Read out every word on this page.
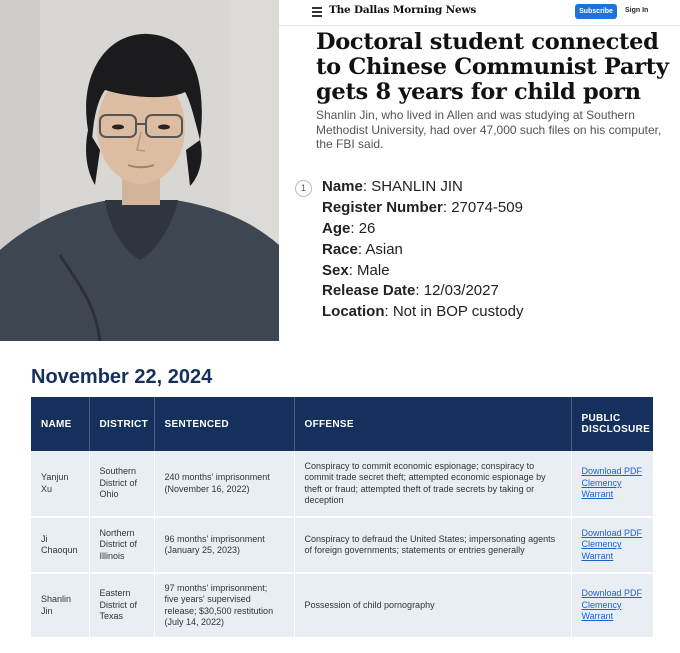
The Dallas Morning News	Subscribe	Sign In
Doctoral student connected to Chinese Communist Party gets 8 years for child porn

Shanlin Jin, who lived in Allen and was studying at Southern Methodist University, had over 47,000 such files on his computer, the FBI said.

1	Name: SHANLIN JIN
Register Number: 27074-509
Age: 26
Race: Asian
Sex: Male
Release Date: 12/03/2027
Location: Not in BOP custody
November 22, 2024
NAME	DISTRICT	SENTENCED	OFFENSE	PUBLIC DISCLOSURE
Yanjun Xu	Southern District of Ohio	240 months' imprisonment (November 16, 2022)	Conspiracy to commit economic espionage; conspiracy to commit trade secret theft; attempted economic espionage by theft or fraud; attempted theft of trade secrets by taking or deception	Download PDF
Clemency Warrant

Ji Chaoqun	Northern District of Illinois	96 months' imprisonment (January 25, 2023)	Conspiracy to defraud the United States; impersonating agents of foreign governments; statements or entries generally	Download PDF
Clemency Warrant

Shanlin Jin	Eastern District of Texas	97 months' imprisonment; five years' supervised release; $30,500 restitution (July 14, 2022)	Possession of child pornography	Download PDF
Clemency Warrant
